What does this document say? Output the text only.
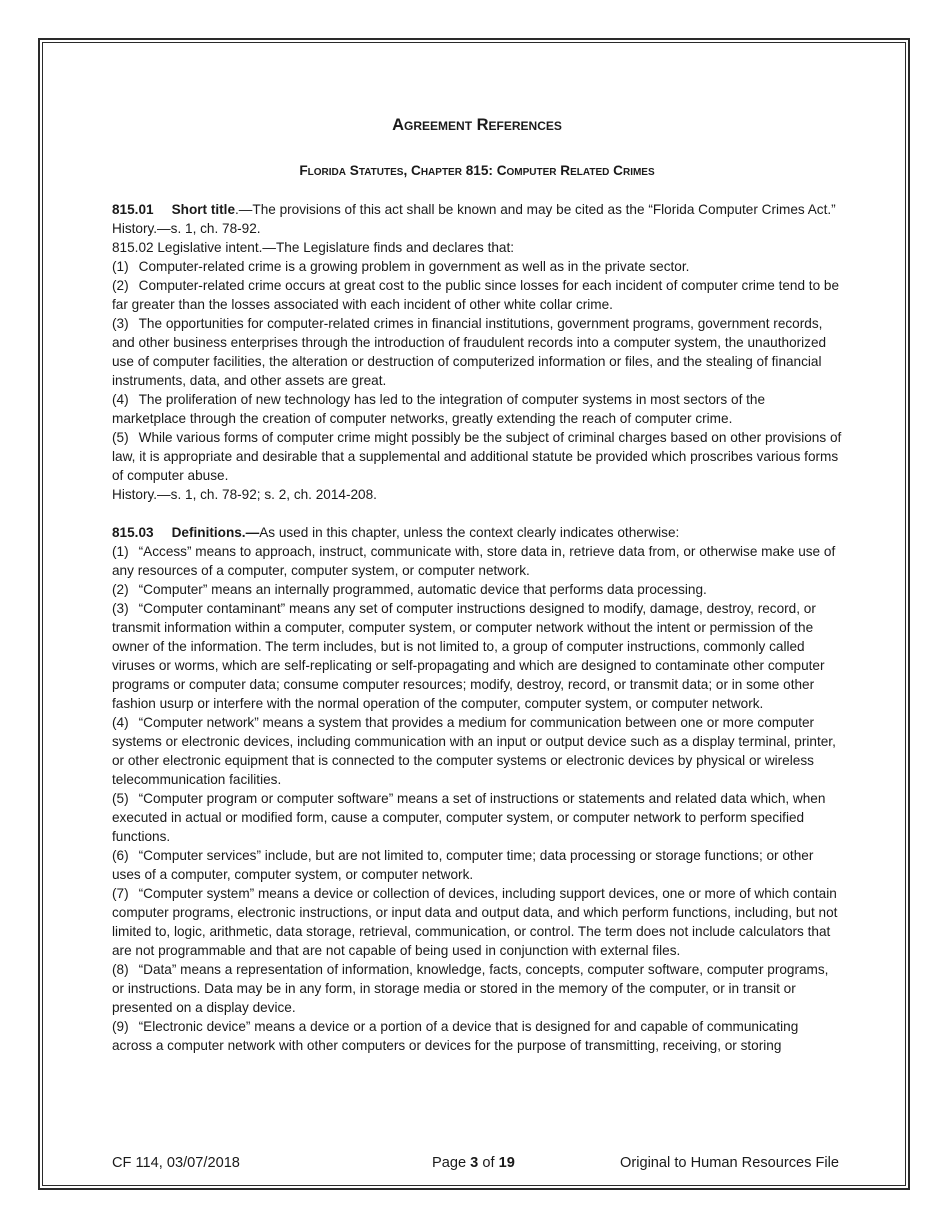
Agreement References
Florida Statutes, Chapter 815: Computer Related Crimes

815.01 Short title.—The provisions of this act shall be known and may be cited as the “Florida Computer Crimes Act.”

History.—s. 1, ch. 78-92.

815.02 Legislative intent.—The Legislature finds and declares that:

(1) Computer-related crime is a growing problem in government as well as in the private sector.

(2) Computer-related crime occurs at great cost to the public since losses for each incident of computer crime tend to be far greater than the losses associated with each incident of other white collar crime.

(3) The opportunities for computer-related crimes in financial institutions, government programs, government records, and other business enterprises through the introduction of fraudulent records into a computer system, the unauthorized use of computer facilities, the alteration or destruction of computerized information or files, and the stealing of financial instruments, data, and other assets are great.

(4) The proliferation of new technology has led to the integration of computer systems in most sectors of the marketplace through the creation of computer networks, greatly extending the reach of computer crime.

(5) While various forms of computer crime might possibly be the subject of criminal charges based on other provisions of law, it is appropriate and desirable that a supplemental and additional statute be provided which proscribes various forms of computer abuse.

History.—s. 1, ch. 78-92; s. 2, ch. 2014-208.

815.03 Definitions.—As used in this chapter, unless the context clearly indicates otherwise:

(1) “Access” means to approach, instruct, communicate with, store data in, retrieve data from, or otherwise make use of any resources of a computer, computer system, or computer network.

(2) “Computer” means an internally programmed, automatic device that performs data processing.

(3) “Computer contaminant” means any set of computer instructions designed to modify, damage, destroy, record, or transmit information within a computer, computer system, or computer network without the intent or permission of the owner of the information. The term includes, but is not limited to, a group of computer instructions, commonly called viruses or worms, which are self-replicating or self-propagating and which are designed to contaminate other computer programs or computer data; consume computer resources; modify, destroy, record, or transmit data; or in some other fashion usurp or interfere with the normal operation of the computer, computer system, or computer network.

(4) “Computer network” means a system that provides a medium for communication between one or more computer systems or electronic devices, including communication with an input or output device such as a display terminal, printer, or other electronic equipment that is connected to the computer systems or electronic devices by physical or wireless telecommunication facilities.

(5) “Computer program or computer software” means a set of instructions or statements and related data which, when executed in actual or modified form, cause a computer, computer system, or computer network to perform specified functions.

(6) “Computer services” include, but are not limited to, computer time; data processing or storage functions; or other uses of a computer, computer system, or computer network.

(7) “Computer system” means a device or collection of devices, including support devices, one or more of which contain computer programs, electronic instructions, or input data and output data, and which perform functions, including, but not limited to, logic, arithmetic, data storage, retrieval, communication, or control. The term does not include calculators that are not programmable and that are not capable of being used in conjunction with external files.

(8) “Data” means a representation of information, knowledge, facts, concepts, computer software, computer programs, or instructions. Data may be in any form, in storage media or stored in the memory of the computer, or in transit or presented on a display device.

(9) “Electronic device” means a device or a portion of a device that is designed for and capable of communicating across a computer network with other computers or devices for the purpose of transmitting, receiving, or storing

CF 114, 03/07/2018	Page 3 of 19	Original to Human Resources File
